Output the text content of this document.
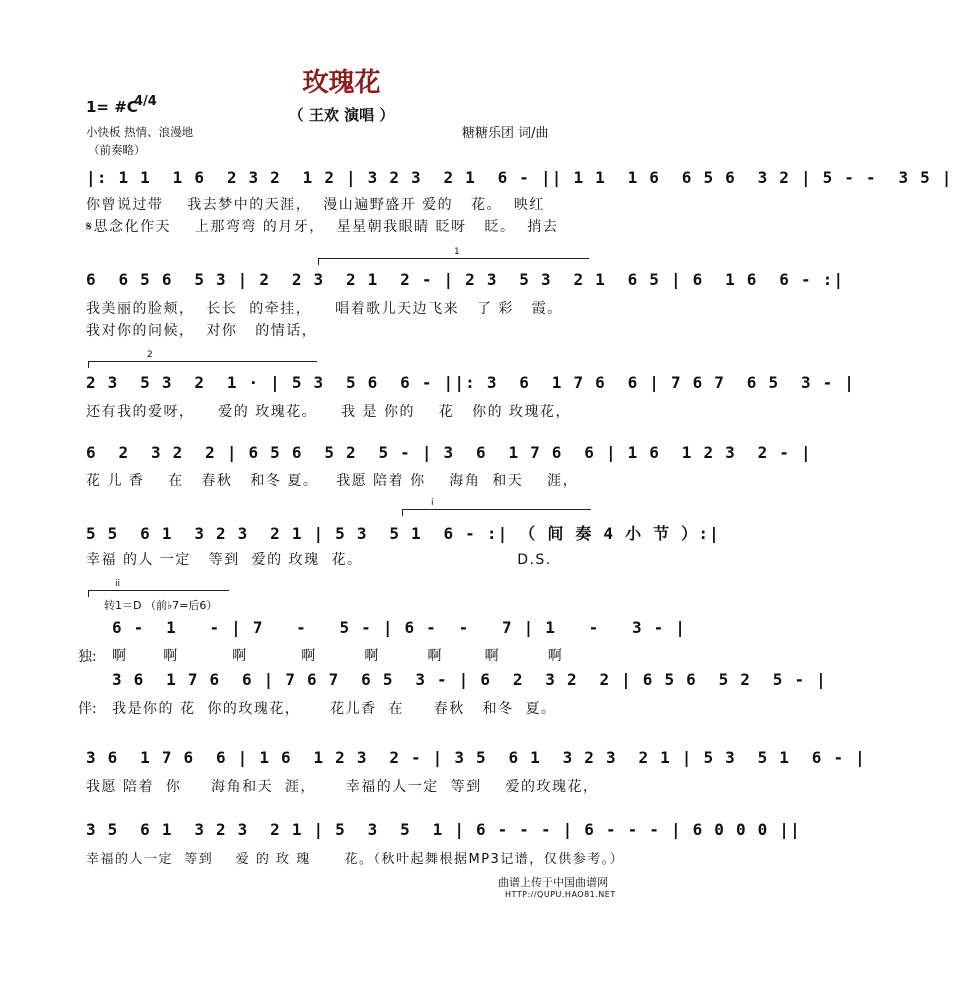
玫瑰花
（ 王欢 演唱 ）
1= #C
4/4
小快板 热情、浪漫地
（前奏略）
糖糖乐团 词/曲
|: 1 1  1 6  2 3 2  1 2 | 3 2 3  2 1  6 - || 1 1  1 6  6 5 6  3 2 | 5 - -  3 5 |
你曾说过带    我去梦中的天涯，  漫山遍野盛开 爱的   花。  映红
𝄋思念化作天    上那弯弯 的月牙，  星星朝我眼睛 眨呀   眨。  捎去
1
6  6 5 6  5 3 | 2  2 3  2 1  2 - | 2 3  5 3  2 1  6 5 | 6  1 6  6 - :|
我美丽的脸颊，  长长  的牵挂，    唱着歌儿天边飞来   了 彩   霞。
我对你的问候，  对你   的情话，
2
2 3  5 3  2  1 · | 5 3  5 6  6 - ||: 3  6  1 7 6  6 | 7 6 7  6 5  3 - |
还有我的爱呀，    爱的 玫瑰花。    我 是 你的    花   你的 玫瑰花，
6  2  3 2  2 | 6 5 6  5 2  5 - | 3  6  1 7 6  6 | 1 6  1 2 3  2 - |
花 儿 香    在   春秋   和冬 夏。   我愿 陪着 你    海角  和天    涯，
i
5 5  6 1  3 2 3  2 1 | 5 3  5 1  6 - :| （ 间 奏 4 小 节 ）:|
幸福 的人 一定   等到  爱的 玫瑰  花。                          D.S.
ii
转1＝D （前♭7=后6）
独:
6 -  1   - | 7   -   5 - | 6 -  -   7 | 1   -   3 - |
啊      啊         啊         啊        啊        啊       啊        啊
伴:
3 6  1 7 6  6 | 7 6 7  6 5  3 - | 6  2  3 2  2 | 6 5 6  5 2  5 - |
我是你的 花  你的玫瑰花，     花儿香  在     春秋   和冬  夏。
3 6  1 7 6  6 | 1 6  1 2 3  2 - | 3 5  6 1  3 2 3  2 1 | 5 3  5 1  6 - |
我愿 陪着  你     海角和天  涯，     幸福的人一定  等到    爱的玫瑰花，
3 5  6 1  3 2 3  2 1 | 5  3  5  1 | 6 - - - | 6 - - - | 6 0 0 0 ||
幸福的人一定  等到    爱 的 玫 瑰      花。（秋叶起舞根据MP3记谱，仅供参考。）
曲谱上传于中国曲谱网
HTTP://QUPU.HAO81.NET
